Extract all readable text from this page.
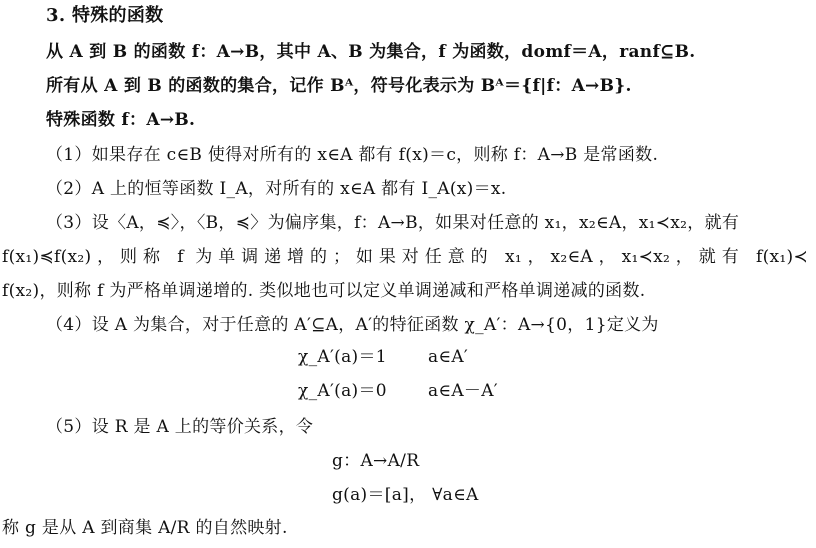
3. 特殊的函数
从 A 到 B 的函数 f：A→B，其中 A、B 为集合，f 为函数，domf＝A，ranf⊆B.
所有从 A 到 B 的函数的集合，记作 Bᴬ，符号化表示为 Bᴬ＝{f|f：A→B}.
特殊函数 f：A→B.
（1）如果存在 c∈B 使得对所有的 x∈A 都有 f(x)＝c，则称 f：A→B 是常函数.
（2）A 上的恒等函数 I_A，对所有的 x∈A 都有 I_A(x)＝x.
（3）设〈A，≼〉，〈B，≼〉为偏序集，f：A→B，如果对任意的 x₁，x₂∈A，x₁≺x₂，就有
f(x₁)≼f(x₂)，则称 f 为单调递增的；如果对任意的 x₁，x₂∈A，x₁≺x₂，就有 f(x₁)≺
f(x₂)，则称 f 为严格单调递增的. 类似地也可以定义单调递减和严格单调递减的函数.
（4）设 A 为集合，对于任意的 A′⊆A，A′的特征函数 χ_A′：A→{0，1}定义为
χ_A′(a)＝1 a∈A′
χ_A′(a)＝0 a∈A－A′
（5）设 R 是 A 上的等价关系，令
g：A→A/R
g(a)＝[a]， ∀a∈A
称 g 是从 A 到商集 A/R 的自然映射.
